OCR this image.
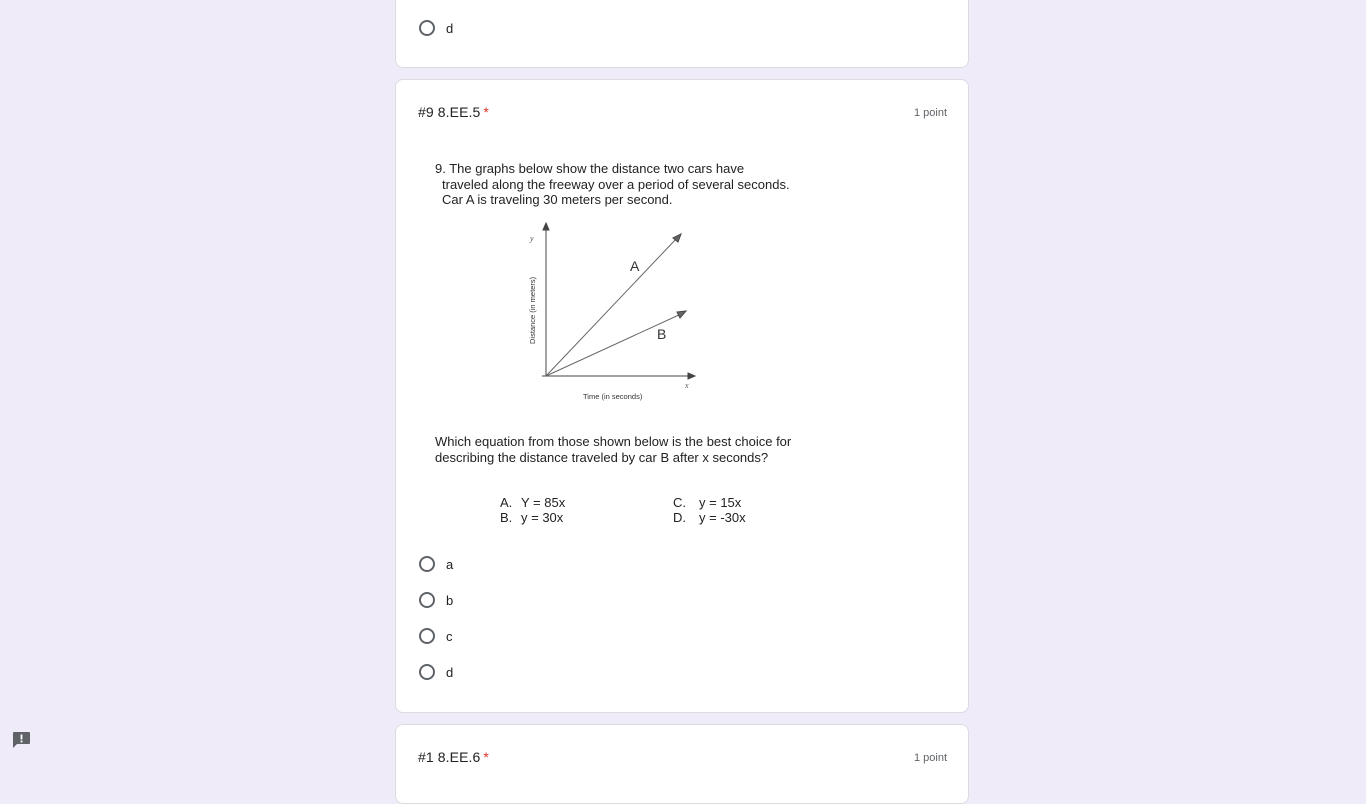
d
#9 8.EE.5 *	1 point
9. The graphs below show the distance two cars have
traveled along the freeway over a period of several seconds.
Car A is traveling 30 meters per second.
y
x
A
B
Distance (in meters)
Time (in seconds)
Which equation from those shown below is the best choice for
describing the distance traveled by car B after x seconds?
A. Y = 85x
B. y = 30x
C. y = 15x
D. y = -30x
a
b
c
d
#1 8.EE.6 *	1 point
